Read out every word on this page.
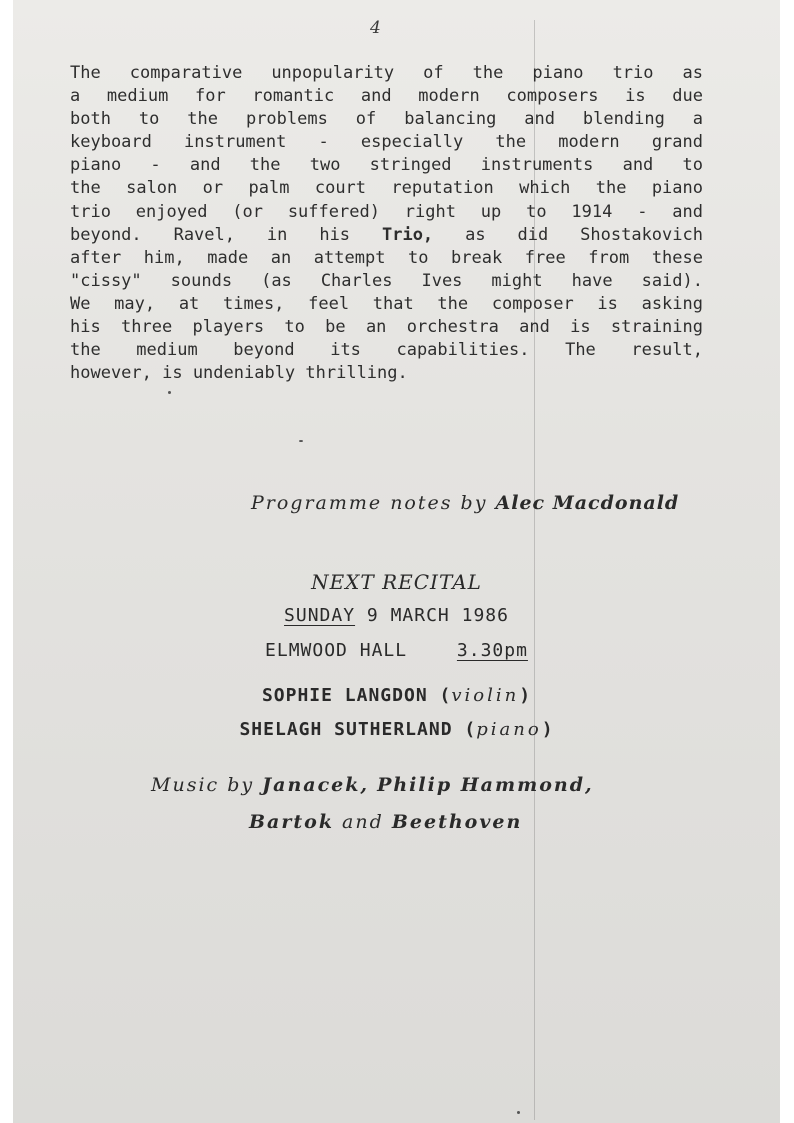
4
The comparative unpopularity of the piano trio as
a medium for romantic and modern composers is due
both to the problems of balancing and blending a
keyboard instrument - especially the modern grand
piano - and the two stringed instruments and to
the salon or palm court reputation which the piano
trio enjoyed (or suffered) right up to 1914 - and
beyond. Ravel, in his Trio, as did Shostakovich
after him, made an attempt to break free from these
"cissy" sounds (as Charles Ives might have said).
We may, at times, feel that the composer is asking
his three players to be an orchestra and is straining
the medium beyond its capabilities. The result,
however, is undeniably thrilling.
Programme notes by Alec Macdonald
NEXT RECITAL
SUNDAY 9 MARCH 1986
ELMWOOD HALL	3.30pm
SOPHIE LANGDON (violin)
SHELAGH SUTHERLAND (piano)
Music by Janacek, Philip Hammond,
Bartok and Beethoven
